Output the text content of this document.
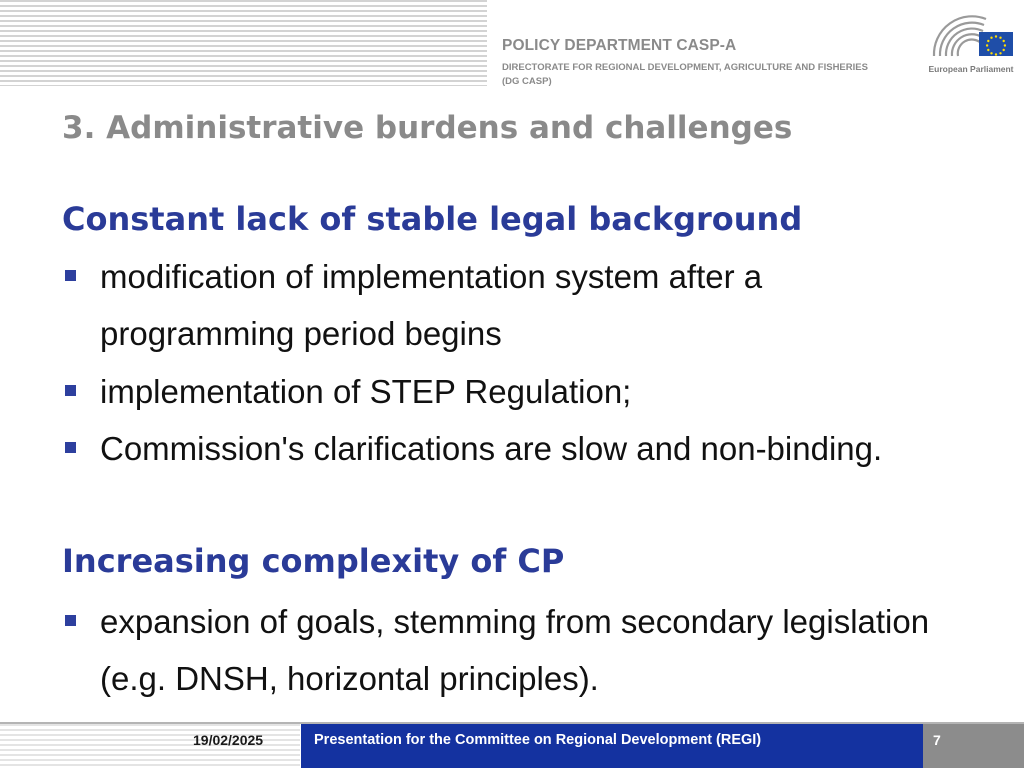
POLICY DEPARTMENT CASP-A
DIRECTORATE FOR REGIONAL DEVELOPMENT, AGRICULTURE AND FISHERIES
(DG CASP)
European Parliament
3. Administrative burdens and challenges
Constant lack of stable legal background
modification of implementation system after a programming period begins
implementation of STEP Regulation;
Commission's clarifications are slow and non-binding.
Increasing complexity of CP
expansion of goals, stemming from secondary legislation (e.g. DNSH, horizontal principles).
19/02/2025	Presentation for the Committee on Regional Development (REGI)	7
